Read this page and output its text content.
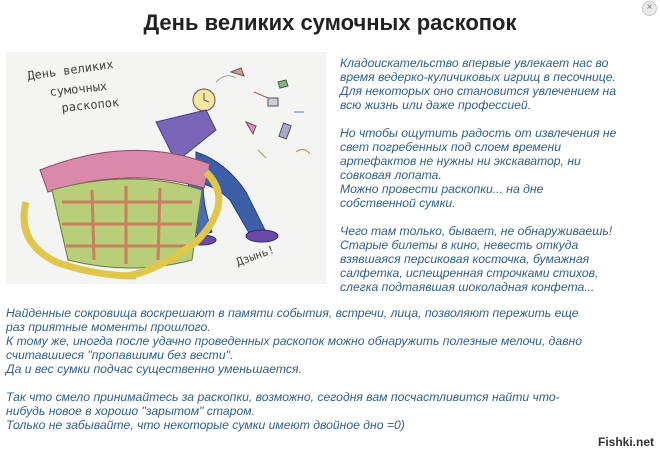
×
День великих сумочных раскопок
День великих
сумочных
раскопок
Дзынь!

Кладоискательство впервые увлекает нас во
время ведерко-куличиковых игрищ в песочнице.
Для некоторых оно становится увлечением на
всю жизнь или даже профессией.

Но чтобы ощутить радость от извлечения не
свет погребенных под слоем времени
артефактов не нужны ни экскаватор, ни
совковая лопата.
Можно провести раскопки... на дне
собственной сумки.

Чего там только, бывает, не обнаруживаешь!
Старые билеты в кино, невесть откуда
взявшаяся персиковая косточка, бумажная
салфетка, испещренная строчками стихов,
слегка подтаявшая шоколадная конфета...

Найденные сокровища воскрешают в памяти события, встречи, лица, позволяют пережить еще
раз приятные моменты прошлого.
К тому же, иногда после удачно проведенных раскопок можно обнаружить полезные мелочи, давно
считавшиеся "пропавшими без вести".
Да и вес сумки подчас существенно уменьшается.

Так что смело принимайтесь за раскопки, возможно, сегодня вам посчастливится найти что-
нибудь новое в хорошо "зарытом" старом.
Только не забывайте, что некоторые сумки имеют двойное дно =0)

Fishki.net
